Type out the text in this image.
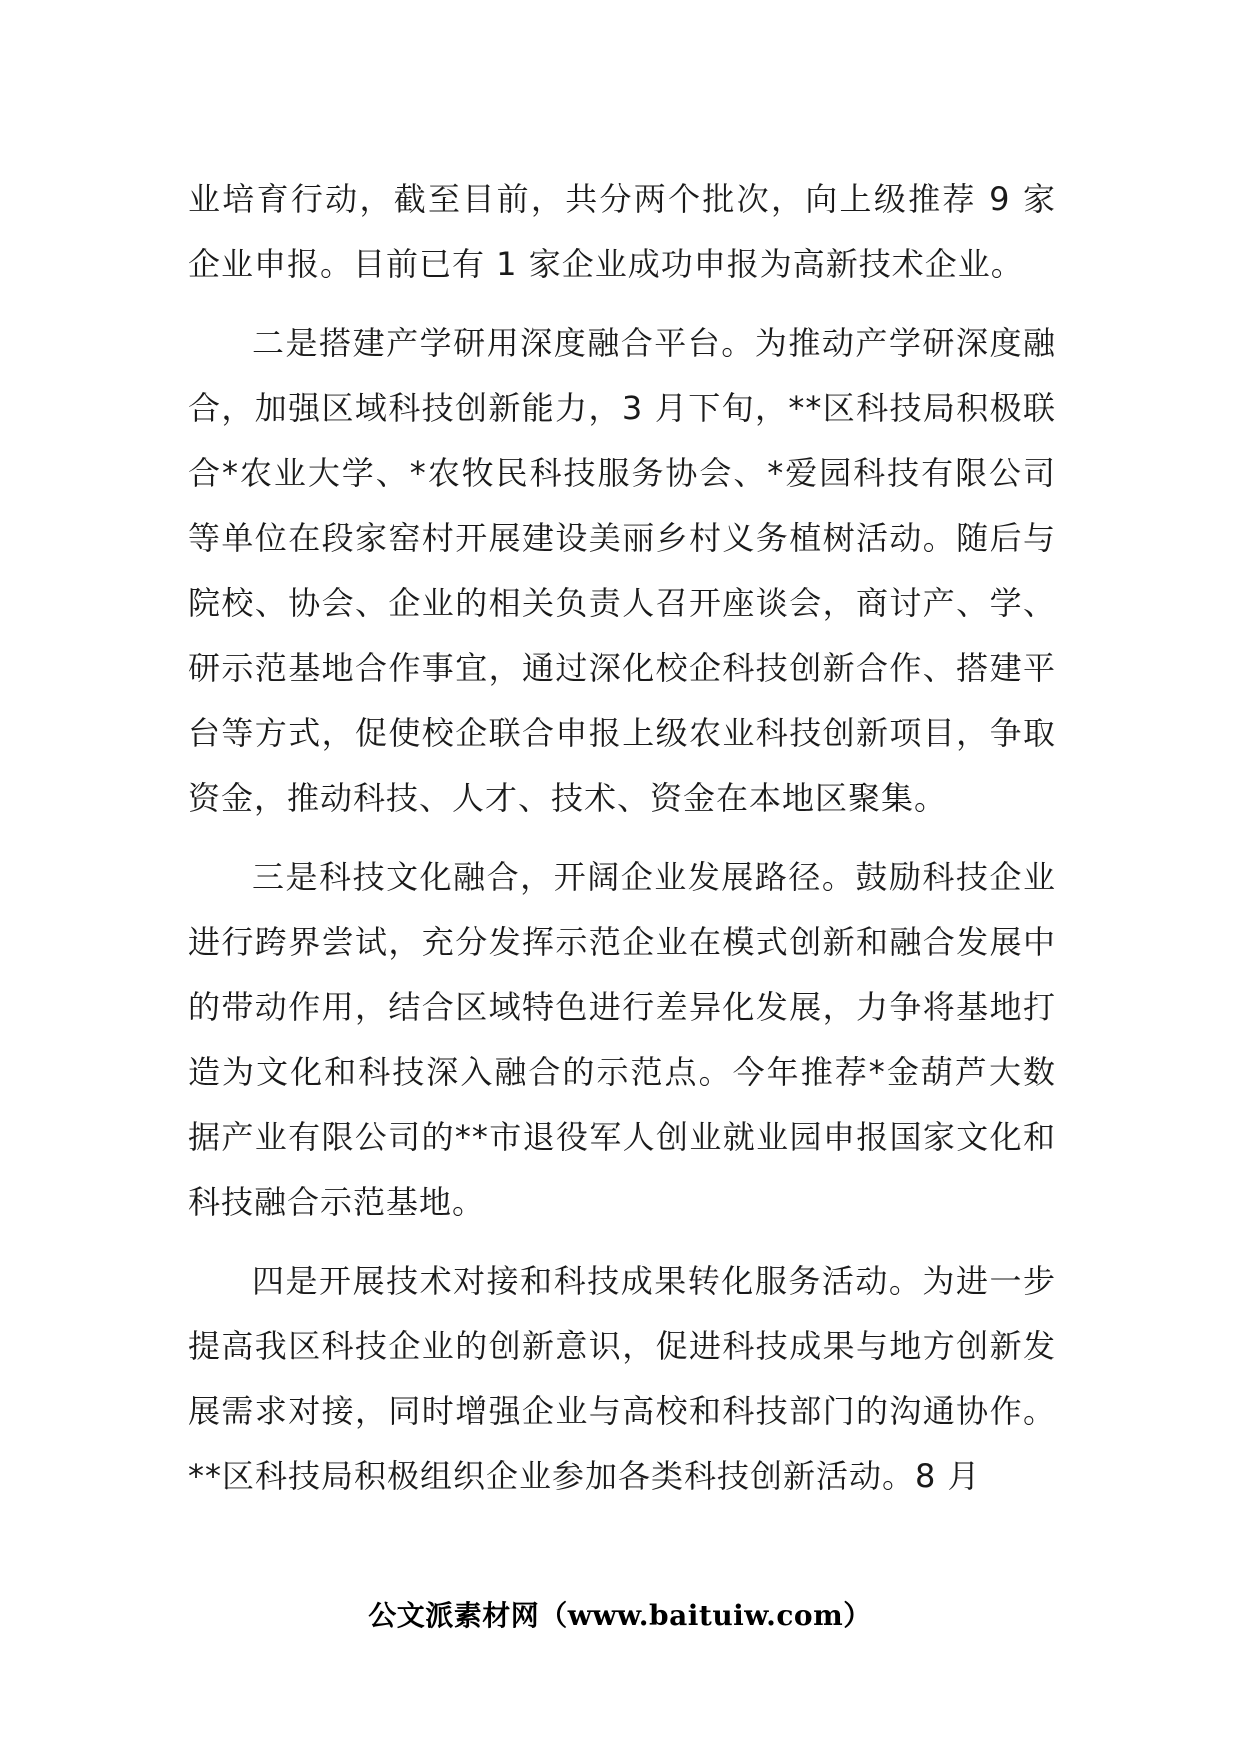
业培育行动，截至目前，共分两个批次，向上级推荐 9 家企业申报。目前已有 1 家企业成功申报为高新技术企业。

二是搭建产学研用深度融合平台。为推动产学研深度融合，加强区域科技创新能力，3 月下旬，**区科技局积极联合*农业大学、*农牧民科技服务协会、*爱园科技有限公司等单位在段家窑村开展建设美丽乡村义务植树活动。随后与院校、协会、企业的相关负责人召开座谈会，商讨产、学、研示范基地合作事宜，通过深化校企科技创新合作、搭建平台等方式，促使校企联合申报上级农业科技创新项目，争取资金，推动科技、人才、技术、资金在本地区聚集。

三是科技文化融合，开阔企业发展路径。鼓励科技企业进行跨界尝试，充分发挥示范企业在模式创新和融合发展中的带动作用，结合区域特色进行差异化发展，力争将基地打造为文化和科技深入融合的示范点。今年推荐*金葫芦大数据产业有限公司的**市退役军人创业就业园申报国家文化和科技融合示范基地。

四是开展技术对接和科技成果转化服务活动。为进一步提高我区科技企业的创新意识，促进科技成果与地方创新发展需求对接，同时增强企业与高校和科技部门的沟通协作。**区科技局积极组织企业参加各类科技创新活动。8 月

公文派素材网（www.baituiw.com）
